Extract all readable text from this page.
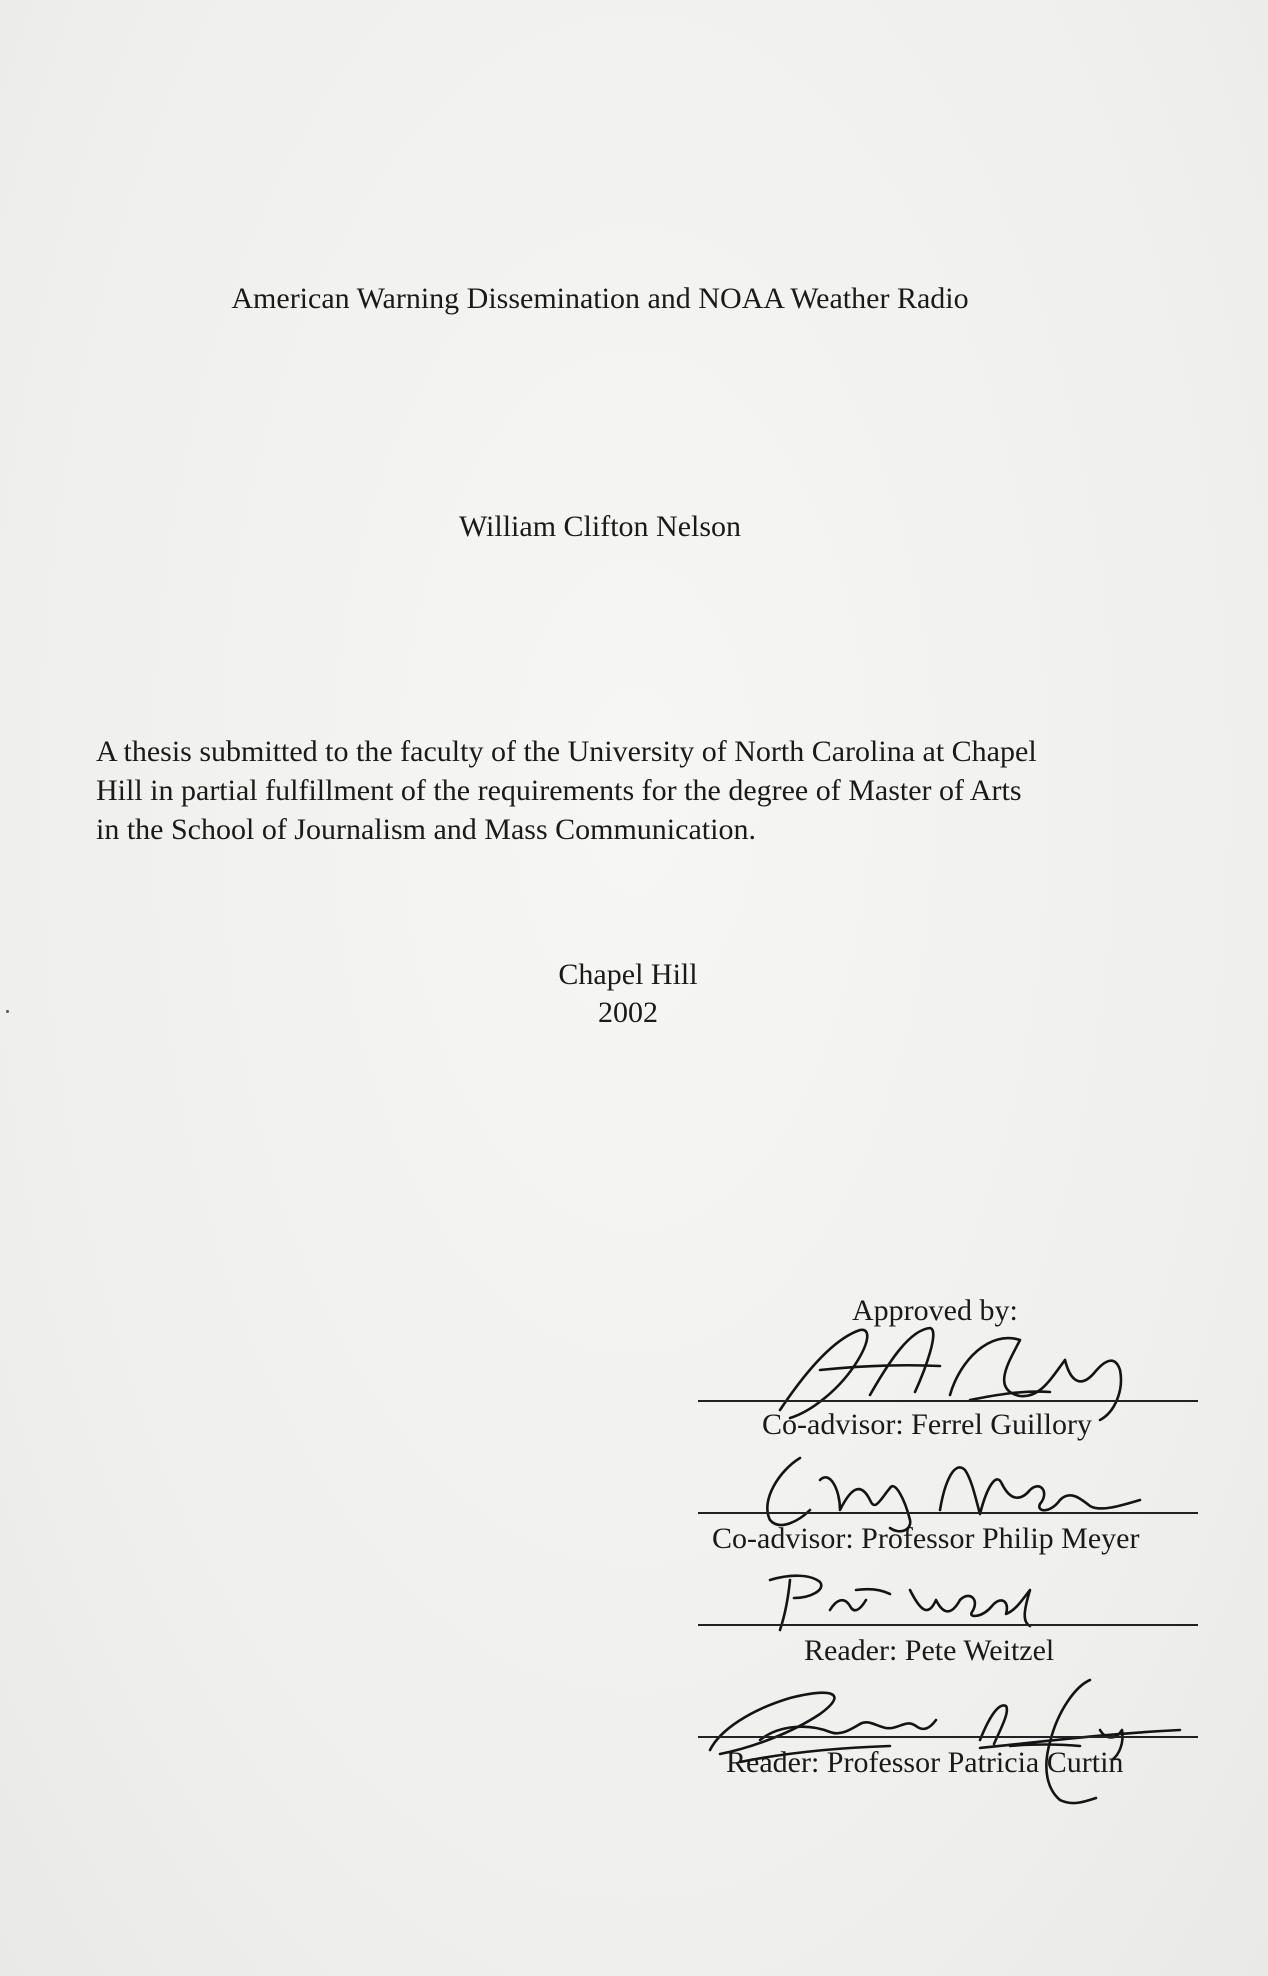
American Warning Dissemination and NOAA Weather Radio
William Clifton Nelson
A thesis submitted to the faculty of the University of North Carolina at Chapel
Hill in partial fulfillment of the requirements for the degree of Master of Arts
in the School of Journalism and Mass Communication.
Chapel Hill
2002
Approved by:
Co-advisor: Ferrel Guillory
Co-advisor: Professor Philip Meyer
Reader: Pete Weitzel
Reader: Professor Patricia Curtin
